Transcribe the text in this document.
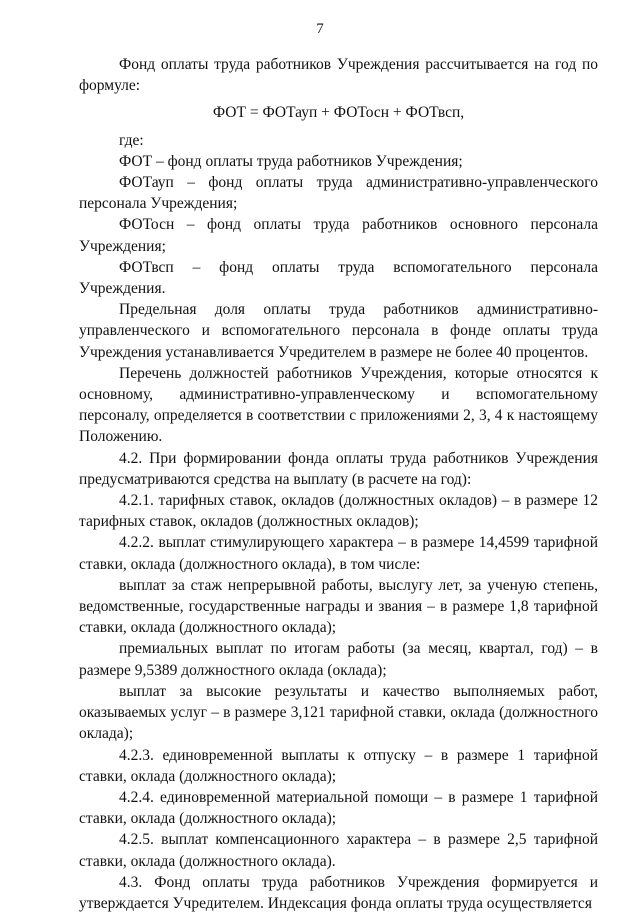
7

Фонд оплаты труда работников Учреждения рассчитывается на год по формуле:

ФОТ = ФОТауп + ФОТосн + ФОТвсп,

где:

ФОТ – фонд оплаты труда работников Учреждения;

ФОТауп – фонд оплаты труда административно-управленческого персонала Учреждения;

ФОТосн – фонд оплаты труда работников основного персонала Учреждения;

ФОТвсп – фонд оплаты труда вспомогательного персонала Учреждения.

Предельная доля оплаты труда работников административно-управленческого и вспомогательного персонала в фонде оплаты труда Учреждения устанавливается Учредителем в размере не более 40 процентов.

Перечень должностей работников Учреждения, которые относятся к основному, административно-управленческому и вспомогательному персоналу, определяется в соответствии с приложениями 2, 3, 4 к настоящему Положению.

4.2. При формировании фонда оплаты труда работников Учреждения предусматриваются средства на выплату (в расчете на год):

4.2.1. тарифных ставок, окладов (должностных окладов) – в размере 12 тарифных ставок, окладов (должностных окладов);

4.2.2. выплат стимулирующего характера – в размере 14,4599 тарифной ставки, оклада (должностного оклада), в том числе:

выплат за стаж непрерывной работы, выслугу лет, за ученую степень, ведомственные, государственные награды и звания – в размере 1,8 тарифной ставки, оклада (должностного оклада);

премиальных выплат по итогам работы (за месяц, квартал, год) – в размере 9,5389 должностного оклада (оклада);

выплат за высокие результаты и качество выполняемых работ, оказываемых услуг – в размере 3,121 тарифной ставки, оклада (должностного оклада);

4.2.3. единовременной выплаты к отпуску – в размере 1 тарифной ставки, оклада (должностного оклада);

4.2.4. единовременной материальной помощи – в размере 1 тарифной ставки, оклада (должностного оклада);

4.2.5. выплат компенсационного характера – в размере 2,5 тарифной ставки, оклада (должностного оклада).

4.3. Фонд оплаты труда работников Учреждения формируется и утверждается Учредителем. Индексация фонда оплаты труда осуществляется
